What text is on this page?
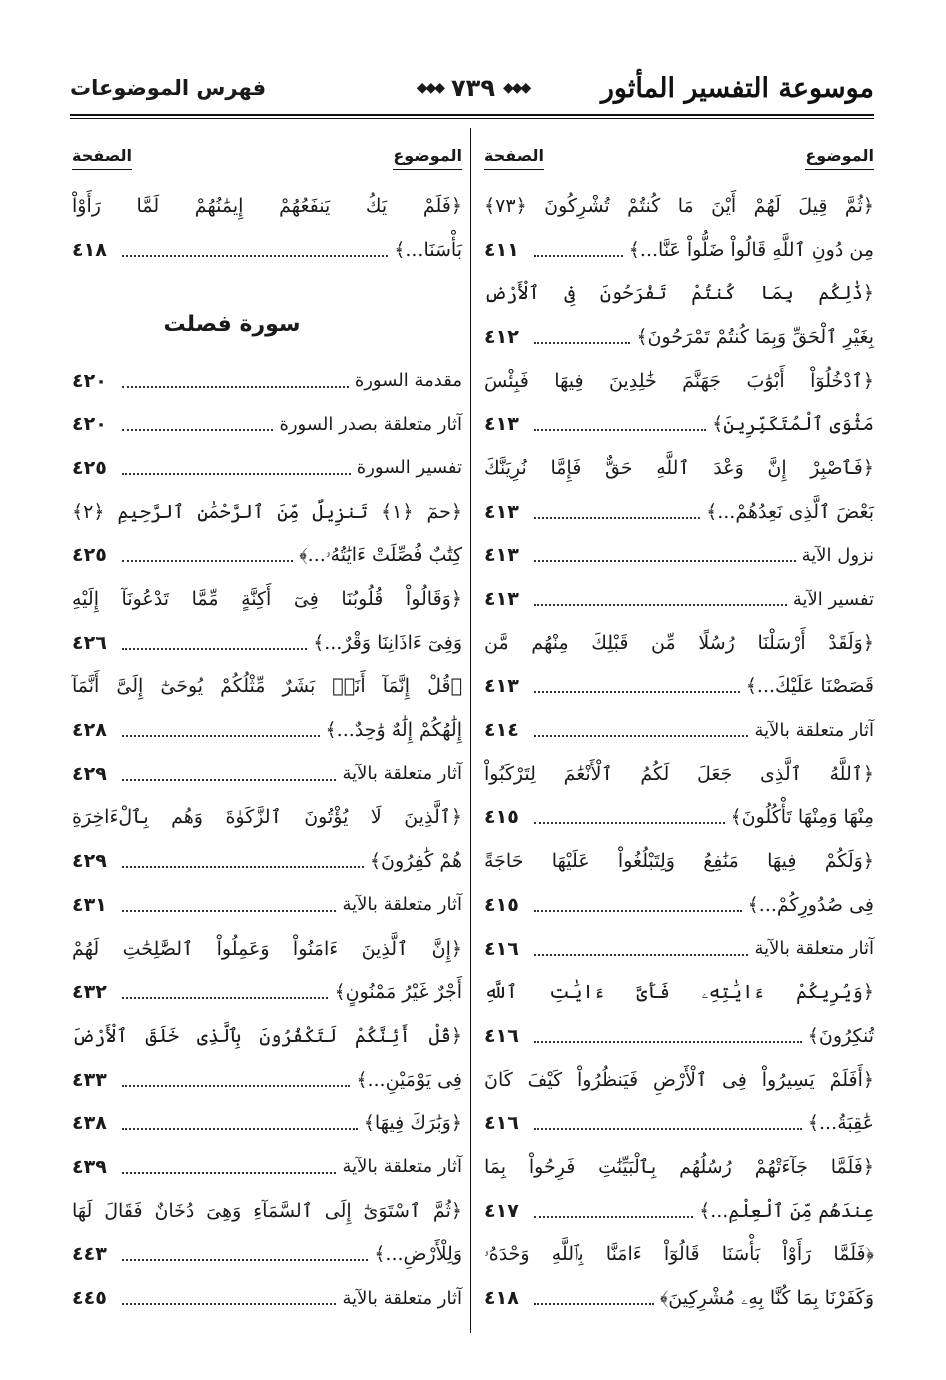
موسوعة التفسير المأثور
فهرس الموضوعات	◆◆◆
٧٣٩
◆◆◆
الموضوع
الصفحة
﴿ثُمَّ قِيلَ لَهُمْ أَيْنَ مَا كُنتُمْ تُشْرِكُونَ ﴿٧٣﴾
مِن دُونِ ٱللَّهِ قَالُواْ ضَلُّواْ عَنَّا...﴾
٤١١
﴿ذَٰلِكُم بِمَا كُنتُمْ تَفْرَحُونَ فِى ٱلْأَرْضِ
بِغَيْرِ ٱلْحَقِّ وَبِمَا كُنتُمْ تَمْرَحُونَ﴾
٤١٢
﴿ٱدْخُلُوٓاْ أَبْوَٰبَ جَهَنَّمَ خَٰلِدِينَ فِيهَا فَبِئْسَ
مَثْوَى ٱلْمُتَكَبِّرِينَ﴾
٤١٣
﴿فَٱصْبِرْ إِنَّ وَعْدَ ٱللَّهِ حَقٌّ فَإِمَّا نُرِيَنَّكَ
بَعْضَ ٱلَّذِى نَعِدُهُمْ...﴾
٤١٣
نزول الآية
٤١٣
تفسير الآية
٤١٣
﴿وَلَقَدْ أَرْسَلْنَا رُسُلًا مِّن قَبْلِكَ مِنْهُم مَّن
قَصَصْنَا عَلَيْكَ...﴾
٤١٣
آثار متعلقة بالآية
٤١٤
﴿ٱللَّهُ ٱلَّذِى جَعَلَ لَكُمُ ٱلْأَنْعَٰمَ لِتَرْكَبُواْ
مِنْهَا وَمِنْهَا تَأْكُلُونَ﴾
٤١٥
﴿وَلَكُمْ فِيهَا مَنَٰفِعُ وَلِتَبْلُغُواْ عَلَيْهَا حَاجَةً
فِى صُدُورِكُمْ...﴾
٤١٥
آثار متعلقة بالآية
٤١٦
﴿وَيُرِيكُمْ ءَايَٰتِهِۦ فَأَىَّ ءَايَٰتِ ٱللَّهِ
تُنكِرُونَ﴾
٤١٦
﴿أَفَلَمْ يَسِيرُواْ فِى ٱلْأَرْضِ فَيَنظُرُواْ كَيْفَ كَانَ
عَٰقِبَةُ...﴾
٤١٦
﴿فَلَمَّا جَآءَتْهُمْ رُسُلُهُم بِٱلْبَيِّنَٰتِ فَرِحُواْ بِمَا
عِندَهُم مِّنَ ٱلْعِلْمِ...﴾
٤١٧
﴿فَلَمَّا رَأَوْاْ بَأْسَنَا قَالُوٓاْ ءَامَنَّا بِٱللَّهِ وَحْدَهُۥ
وَكَفَرْنَا بِمَا كُنَّا بِهِۦ مُشْرِكِينَ﴾
٤١٨
الموضوع
الصفحة
﴿فَلَمْ يَكُ يَنفَعُهُمْ إِيمَٰنُهُمْ لَمَّا رَأَوْاْ
بَأْسَنَا...﴾
٤١٨
سورة فصلت
مقدمة السورة
٤٢٠
آثار متعلقة بصدر السورة
٤٢٠
تفسير السورة
٤٢٥
﴿حمٓ ﴿١﴾ تَنزِيلٌ مِّنَ ٱلرَّحْمَٰنِ ٱلرَّحِيمِ ﴿٢﴾
كِتَٰبٌ فُصِّلَتْ ءَايَٰتُهُۥ...﴾
٤٢٥
﴿وَقَالُواْ قُلُوبُنَا فِىٓ أَكِنَّةٍ مِّمَّا تَدْعُونَآ إِلَيْهِ
وَفِىٓ ءَاذَانِنَا وَقْرٌ...﴾
٤٢٦
﴿قُلْ إِنَّمَآ أَنَا۠ بَشَرٌ مِّثْلُكُمْ يُوحَىٰٓ إِلَىَّ أَنَّمَآ
إِلَٰهُكُمْ إِلَٰهٌ وَٰحِدٌ...﴾
٤٢٨
آثار متعلقة بالآية
٤٢٩
﴿ٱلَّذِينَ لَا يُؤْتُونَ ٱلزَّكَوٰةَ وَهُم بِٱلْءَاخِرَةِ
هُمْ كَٰفِرُونَ﴾
٤٢٩
آثار متعلقة بالآية
٤٣١
﴿إِنَّ ٱلَّذِينَ ءَامَنُواْ وَعَمِلُواْ ٱلصَّٰلِحَٰتِ لَهُمْ
أَجْرٌ غَيْرُ مَمْنُونٍ﴾
٤٣٢
﴿قُلْ أَئِنَّكُمْ لَتَكْفُرُونَ بِٱلَّذِى خَلَقَ ٱلْأَرْضَ
فِى يَوْمَيْنِ...﴾
٤٣٣
﴿وَبَٰرَكَ فِيهَا﴾
٤٣٨
آثار متعلقة بالآية
٤٣٩
﴿ثُمَّ ٱسْتَوَىٰٓ إِلَى ٱلسَّمَآءِ وَهِىَ دُخَانٌ فَقَالَ لَهَا
وَلِلْأَرْضِ...﴾
٤٤٣
آثار متعلقة بالآية
٤٤٥
